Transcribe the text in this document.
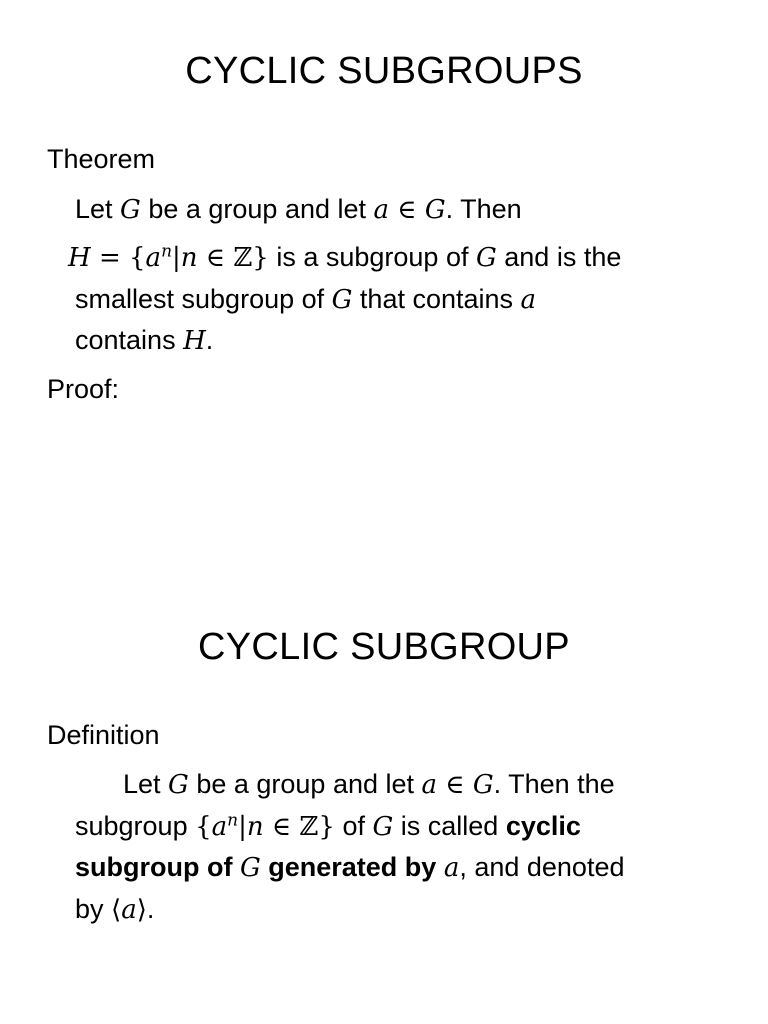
CYCLIC SUBGROUPS
Theorem
Let G be a group and let a ∈ G. Then
$H = \{a^n|n$ ∈ ℤ} is a subgroup of G and is the
smallest subgroup of G that contains a
contains H.
Proof:
CYCLIC SUBGROUP
Definition
Let G be a group and let a ∈ G. Then the
subgroup {$a^n|n$ ∈ ℤ} of G is called cyclic
subgroup of G generated by a, and denoted
by ⟨a⟩.
